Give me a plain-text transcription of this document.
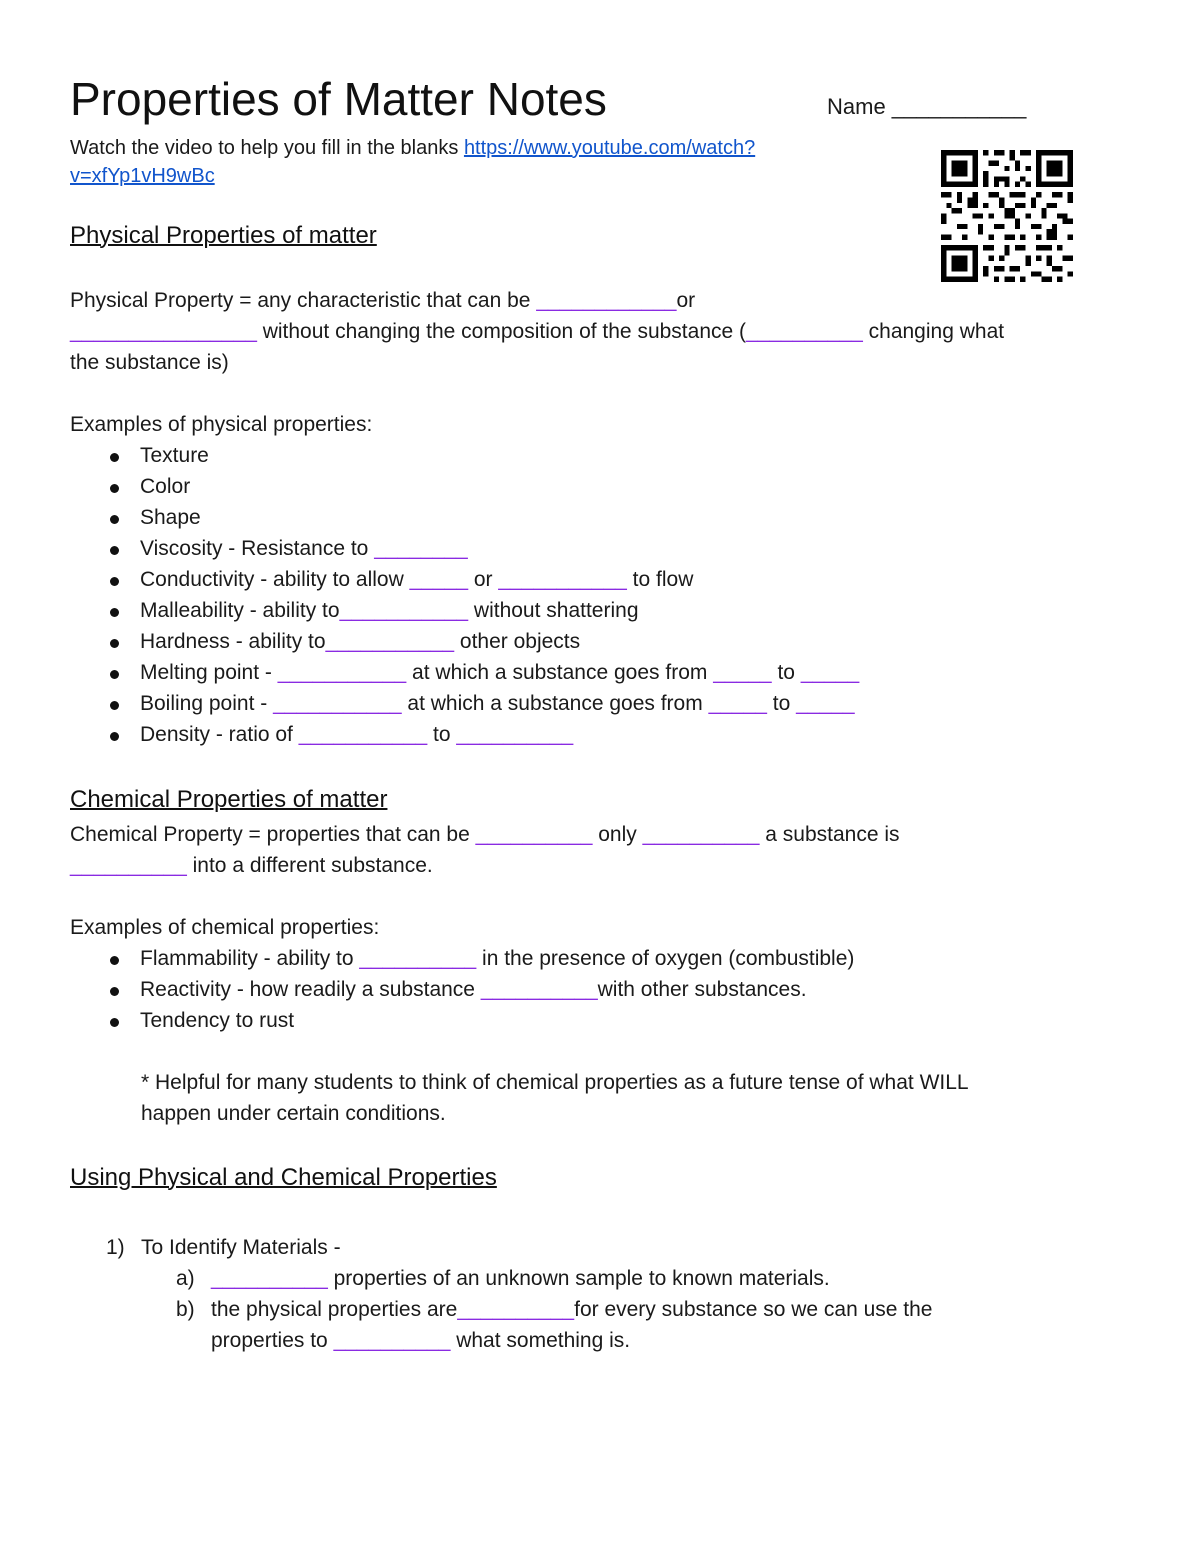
Properties of Matter Notes	Name ___________
Watch the video to help you fill in the blanks https://www.youtube.com/watch?
v=xfYp1vH9wBc
Physical Properties of matter
Physical Property = any characteristic that can be ____________or
________________ without changing the composition of the substance (__________ changing what
the substance is)
Examples of physical properties:
Texture
Color
Shape
Viscosity - Resistance to ________
Conductivity - ability to allow _____ or ___________ to flow
Malleability - ability to___________ without shattering
Hardness - ability to___________ other objects
Melting point - ___________ at which a substance goes from _____ to _____
Boiling point - ___________ at which a substance goes from _____ to _____
Density - ratio of ___________ to __________
Chemical Properties of matter
Chemical Property = properties that can be __________ only __________ a substance is
__________ into a different substance.
Examples of chemical properties:
Flammability - ability to __________ in the presence of oxygen (combustible)
Reactivity - how readily a substance __________with other substances.
Tendency to rust
* Helpful for many students to think of chemical properties as a future tense of what WILL
happen under certain conditions.
Using Physical and Chemical Properties
1) To Identify Materials -
a) __________ properties of an unknown sample to known materials.
b) the physical properties are__________for every substance so we can use the
properties to __________ what something is.
